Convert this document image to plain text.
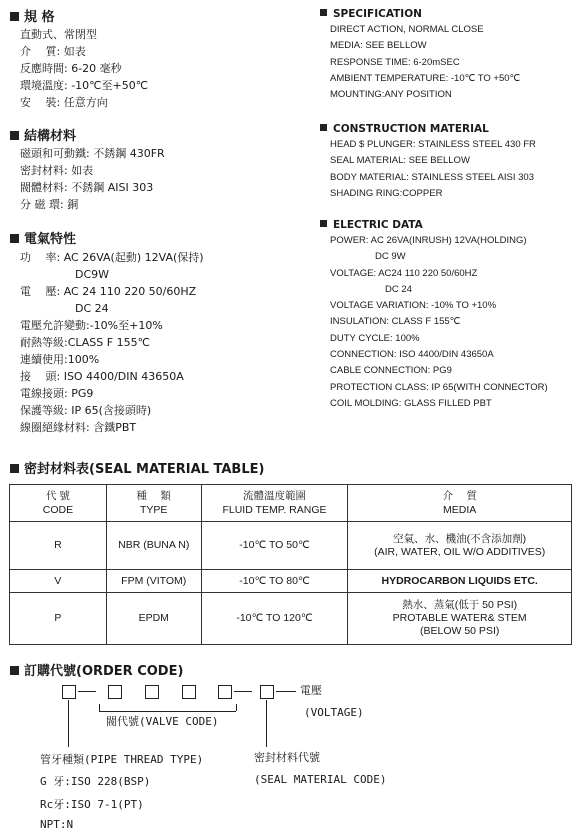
規 格
直動式、常閉型
介　 質: 如表
反應時間: 6-20 毫秒
環境溫度: -10℃至+50℃
安　 裝: 任意方向
結構材料
磁頭和可動鐵: 不銹鋼 430FR
密封材料: 如表
閥體材料: 不銹鋼 AISI 303
分 磁 環: 銅
電氣特性
功　 率: AC 26VA(起動) 12VA(保持)
DC9W
電　 壓: AC 24 110 220 50/60HZ
DC 24
電壓允許變動:-10%至+10%
耐熱等級:CLASS F 155℃
連續使用:100%
接　 頭: ISO 4400/DIN 43650A
電線接頭: PG9
保護等級: IP 65(含接頭時)
線圈絕緣材料: 含鐵PBT
SPECIFICATION
DIRECT ACTION, NORMAL CLOSE
MEDIA: SEE BELLOW
RESPONSE TIME: 6-20mSEC
AMBIENT TEMPERATURE: -10℃ TO +50℃
MOUNTING:ANY POSITION
CONSTRUCTION MATERIAL
HEAD $ PLUNGER: STAINLESS STEEL 430 FR
SEAL MATERIAL: SEE BELLOW
BODY MATERIAL: STAINLESS STEEL AISI 303
SHADING RING:COPPER
ELECTRIC DATA
POWER: AC 26VA(INRUSH) 12VA(HOLDING)
DC 9W
VOLTAGE: AC24 110 220 50/60HZ
DC 24
VOLTAGE VARIATION: -10% TO +10%
INSULATION: CLASS F 155℃
DUTY CYCLE: 100%
CONNECTION: ISO 4400/DIN 43650A
CABLE CONNECTION: PG9
PROTECTION CLASS: IP 65(WITH CONNECTOR)
COIL MOLDING: GLASS FILLED PBT
密封材料表(SEAL MATERIAL TABLE)
代 號
CODE	種　 類
TYPE	流體溫度範圍
FLUID TEMP. RANGE	介　 質
MEDIA

R	NBR (BUNA N)	-10℃ TO 50℃	空氣、水、機油(不含添加劑)
(AIR, WATER, OIL W/O ADDITIVES)

V	FPM (VITOM)	-10℃ TO 80℃	HYDROCARBON LIQUIDS ETC.
P	EPDM	-10℃ TO 120℃	熱水、蒸氣(低于 50 PSI)
PROTABLE WATER& STEM
(BELOW 50 PSI)
訂購代號(ORDER CODE)
電壓
(VOLTAGE)
閥代號(VALVE CODE)
管牙種類(PIPE THREAD TYPE)
G 牙:ISO 228(BSP)
Rc牙:ISO 7-1(PT)
NPT:N
密封材料代號
(SEAL MATERIAL CODE)
